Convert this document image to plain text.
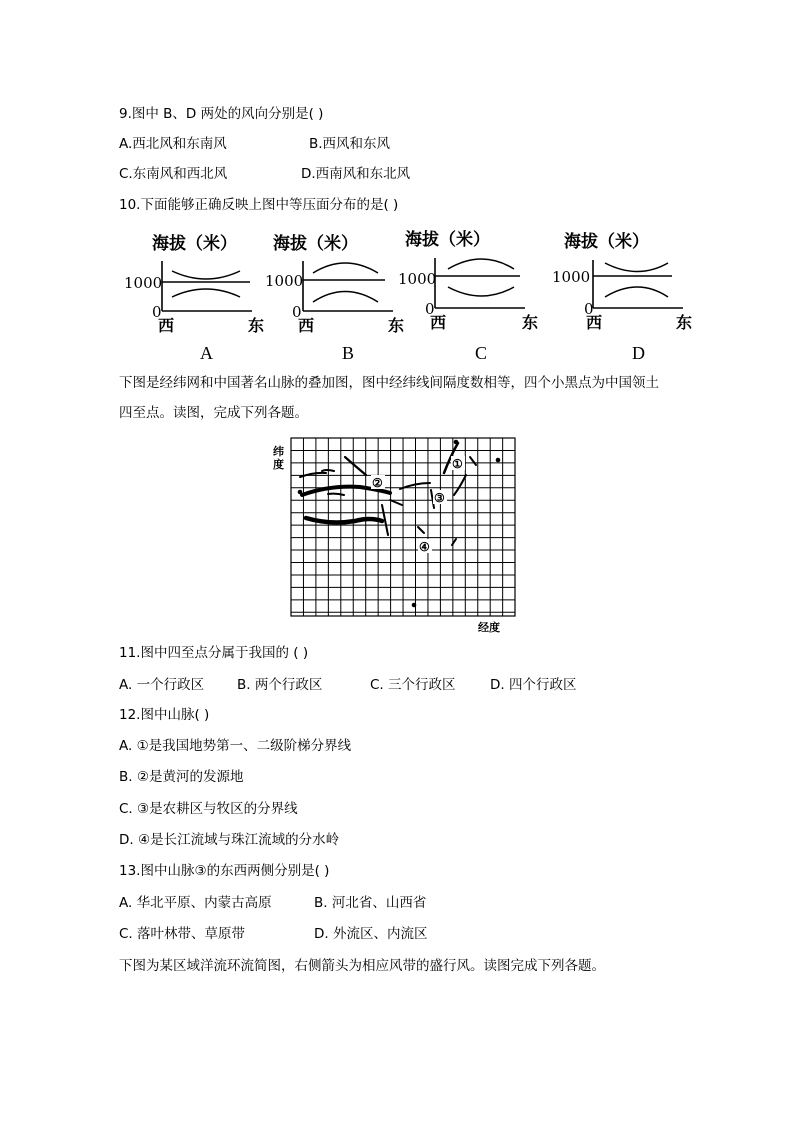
9.图中 B、D 两处的风向分别是( )
A.西北风和东南风	B.西风和东风
C.东南风和西北风	D.西南风和东北风
10.下面能够正确反映上图中等压面分布的是( )
海拔（米）
1000
0
西	东
A
海拔（米）
1000
0
西	东
B
海拔（米）
1000
0
西	东
C
海拔（米）
1000
0
西	东
D
下图是经纬网和中国著名山脉的叠加图，图中经纬线间隔度数相等，四个小黑点为中国领土
四至点。读图，完成下列各题。
纬
度
经度
①
②
③
④
11.图中四至点分属于我国的 ( )
A. 一个行政区 B. 两个行政区	C. 三个行政区	D. 四个行政区
12.图中山脉( )
A. ①是我国地势第一、二级阶梯分界线
B. ②是黄河的发源地
C. ③是农耕区与牧区的分界线
D. ④是长江流域与珠江流域的分水岭
13.图中山脉③的东西两侧分别是( )
A. 华北平原、内蒙古高原	B. 河北省、山西省
C. 落叶林带、草原带	D. 外流区、内流区
下图为某区域洋流环流简图，右侧箭头为相应风带的盛行风。读图完成下列各题。
